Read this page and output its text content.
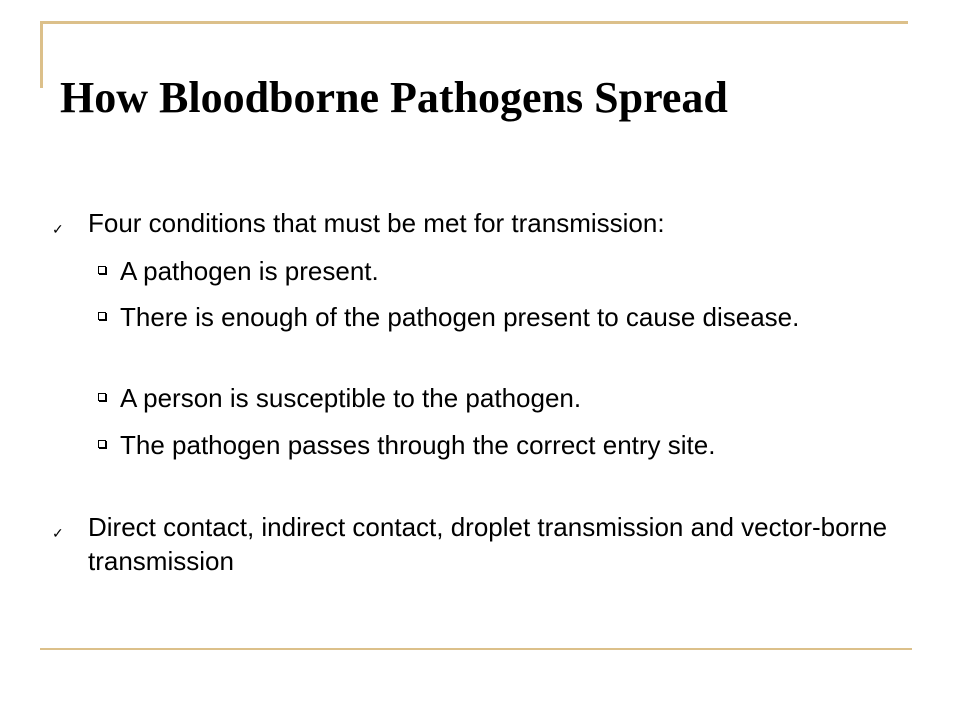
How Bloodborne Pathogens Spread
✓ Four conditions that must be met for transmission:
A pathogen is present.
There is enough of the pathogen present to cause disease.
A person is susceptible to the pathogen.
The pathogen passes through the correct entry site.
✓ Direct contact, indirect contact, droplet transmission and vector-borne transmission
